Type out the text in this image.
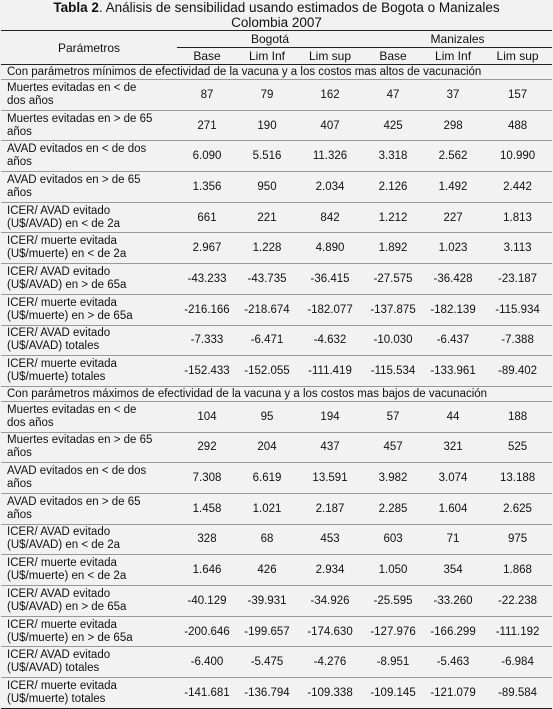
Tabla 2. Análisis de sensibilidad usando estimados de Bogota o Manizales
Colombia 2007
Parámetros	Bogotá			Manizales		
	Base	Lim Inf	Lim sup	Base	Lim Inf	Lim sup
Con parámetros mínimos de efectividad de la vacuna y a los costos mas altos de vacunación						
Muertes evitadas en < de
dos años	87	79	162	47	37	157
Muertes evitadas en > de 65
años	271	190	407	425	298	488
AVAD evitados en < de dos
años	6.090	5.516	11.326	3.318	2.562	10.990
AVAD evitados en > de 65
años	1.356	950	2.034	2.126	1.492	2.442
ICER/ AVAD evitado
(U$/AVAD) en < de 2a	661	221	842	1.212	227	1.813
ICER/ muerte evitada
(U$/muerte) en < de 2a	2.967	1.228	4.890	1.892	1.023	3.113
ICER/ AVAD evitado
(U$/AVAD) en > de 65a	-43.233	-43.735	-36.415	-27.575	-36.428	-23.187
ICER/ muerte evitada
(U$/muerte) en > de 65a	-216.166	-218.674	-182.077	-137.875	-182.139	-115.934
ICER/ AVAD evitado
(U$/AVAD) totales	-7.333	-6.471	-4.632	-10.030	-6.437	-7.388
ICER/ muerte evitada
(U$/muerte) totales	-152.433	-152.055	-111.419	-115.534	-133.961	-89.402
Con parámetros máximos de efectividad de la vacuna y a los costos mas bajos de vacunación						
Muertes evitadas en < de
dos años	104	95	194	57	44	188
Muertes evitadas en > de 65
años	292	204	437	457	321	525
AVAD evitados en < de dos
años	7.308	6.619	13.591	3.982	3.074	13.188
AVAD evitados en > de 65
años	1.458	1.021	2.187	2.285	1.604	2.625
ICER/ AVAD evitado
(U$/AVAD) en < de 2a	328	68	453	603	71	975
ICER/ muerte evitada
(U$/muerte) en < de 2a	1.646	426	2.934	1.050	354	1.868
ICER/ AVAD evitado
(U$/AVAD) en > de 65a	-40.129	-39.931	-34.926	-25.595	-33.260	-22.238
ICER/ muerte evitada
(U$/muerte) en > de 65a	-200.646	-199.657	-174.630	-127.976	-166.299	-111.192
ICER/ AVAD evitado
(U$/AVAD) totales	-6.400	-5.475	-4.276	-8.951	-5.463	-6.984
ICER/ muerte evitada
(U$/muerte) totales	-141.681	-136.794	-109.338	-109.145	-121.079	-89.584
